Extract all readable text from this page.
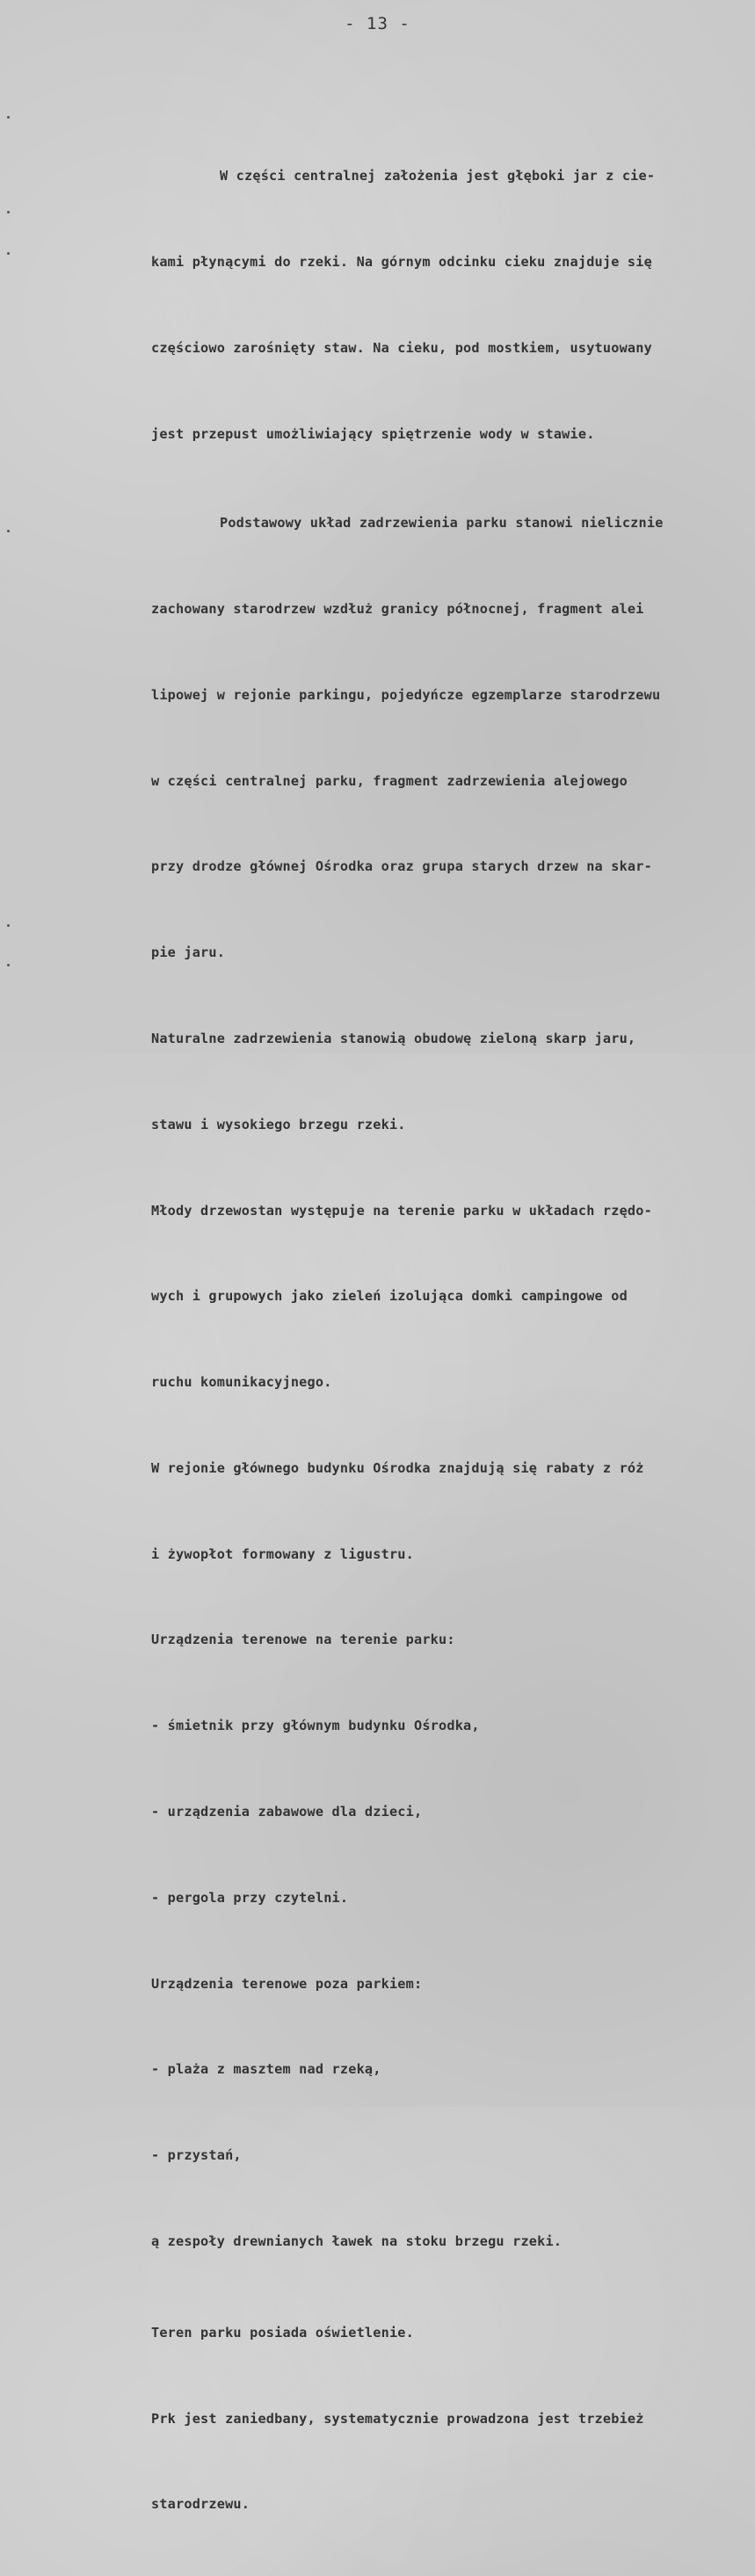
- 13 -

W części centralnej założenia jest głęboki jar z cie-

kami płynącymi do rzeki. Na górnym odcinku cieku znajduje się

częściowo zarośnięty staw. Na cieku, pod mostkiem, usytuowany

jest przepust umożliwiający spiętrzenie wody w stawie.

Podstawowy układ zadrzewienia parku stanowi nielicznie

zachowany starodrzew wzdłuż granicy północnej, fragment alei

lipowej w rejonie parkingu, pojedyńcze egzemplarze starodrzewu

w części centralnej parku, fragment zadrzewienia alejowego

przy drodze głównej Ośrodka oraz grupa starych drzew na skar-

pie jaru.

Naturalne zadrzewienia stanowią obudowę zieloną skarp jaru,

stawu i wysokiego brzegu rzeki.

Młody drzewostan występuje na terenie parku w układach rzędo-

wych i grupowych jako zieleń izolująca domki campingowe od

ruchu komunikacyjnego.

W rejonie głównego budynku Ośrodka znajdują się rabaty z róż

i żywopłot formowany z ligustru.

Urządzenia terenowe na terenie parku:

- śmietnik przy głównym budynku Ośrodka,

- urządzenia zabawowe dla dzieci,

- pergola przy czytelni.

Urządzenia terenowe poza parkiem:

- plaża z masztem nad rzeką,

- przystań,

ą zespoły drewnianych ławek na stoku brzegu rzeki.

Teren parku posiada oświetlenie.

Prk jest zaniedbany, systematycznie prowadzona jest trzebież

starodrzewu.
